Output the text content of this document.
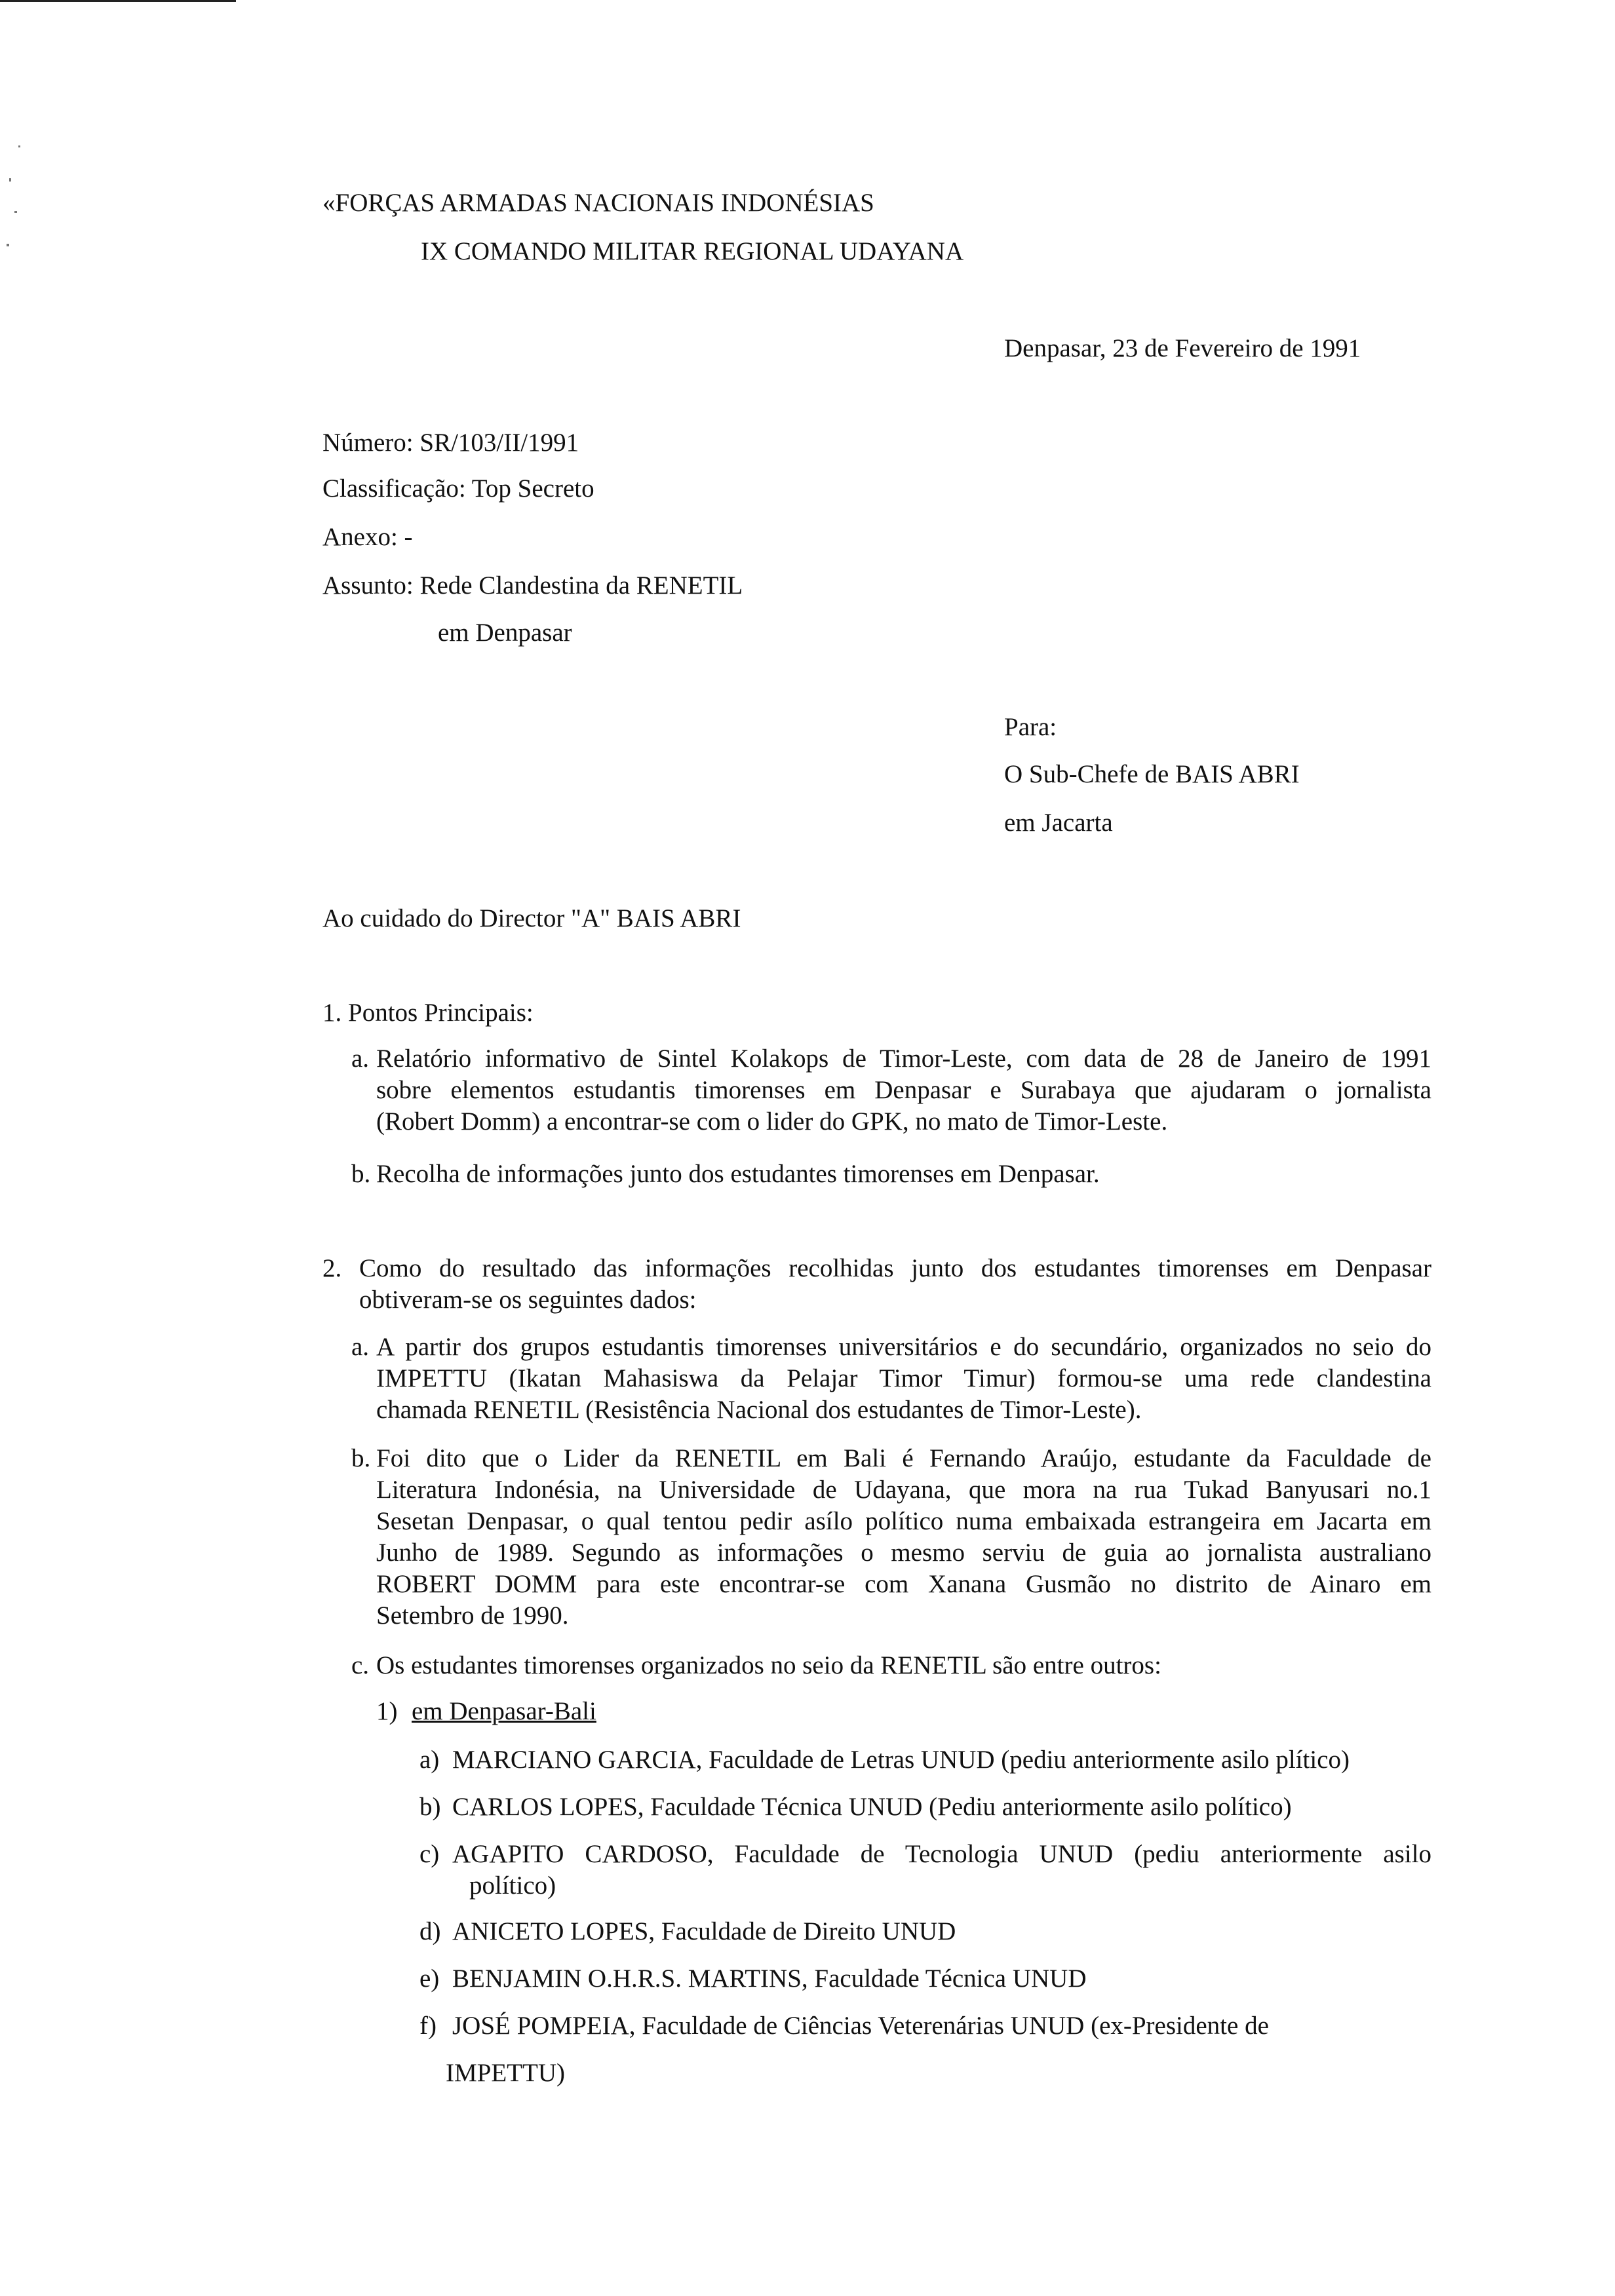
«FORÇAS ARMADAS NACIONAIS INDONÉSIAS
IX COMANDO MILITAR REGIONAL UDAYANA
Denpasar, 23 de Fevereiro de 1991
Número: SR/103/II/1991
Classificação: Top Secreto
Anexo: -
Assunto: Rede Clandestina da RENETIL
em Denpasar
Para:
O Sub-Chefe de BAIS ABRI
em Jacarta
Ao cuidado do Director "A" BAIS ABRI
1. Pontos Principais:
a. Relatório informativo de Sintel Kolakops de Timor-Leste, com data de 28 de Janeiro de 1991
sobre elementos estudantis timorenses em Denpasar e Surabaya que ajudaram o jornalista
(Robert Domm) a encontrar-se com o lider do GPK, no mato de Timor-Leste.
b. Recolha de informações junto dos estudantes timorenses em Denpasar.
2. Como do resultado das informações recolhidas junto dos estudantes timorenses em Denpasar
obtiveram-se os seguintes dados:
a. A partir dos grupos estudantis timorenses universitários e do secundário, organizados no seio do
IMPETTU (Ikatan Mahasiswa da Pelajar Timor Timur) formou-se uma rede clandestina
chamada RENETIL (Resistência Nacional dos estudantes de Timor-Leste).
b. Foi dito que o Lider da RENETIL em Bali é Fernando Araújo, estudante da Faculdade de
Literatura Indonésia, na Universidade de Udayana, que mora na rua Tukad Banyusari no.1
Sesetan Denpasar, o qual tentou pedir asílo político numa embaixada estrangeira em Jacarta em
Junho de 1989. Segundo as informações o mesmo serviu de guia ao jornalista australiano
ROBERT DOMM para este encontrar-se com Xanana Gusmão no distrito de Ainaro em
Setembro de 1990.
c. Os estudantes timorenses organizados no seio da RENETIL são entre outros:
1) em Denpasar-Bali
a) MARCIANO GARCIA, Faculdade de Letras UNUD (pediu anteriormente asilo plítico)
b) CARLOS LOPES, Faculdade Técnica UNUD (Pediu anteriormente asilo político)
c) AGAPITO CARDOSO, Faculdade de Tecnologia UNUD (pediu anteriormente asilo
político)
d) ANICETO LOPES, Faculdade de Direito UNUD
e) BENJAMIN O.H.R.S. MARTINS, Faculdade Técnica UNUD
f) JOSÉ POMPEIA, Faculdade de Ciências Veterenárias UNUD (ex-Presidente de
IMPETTU)
